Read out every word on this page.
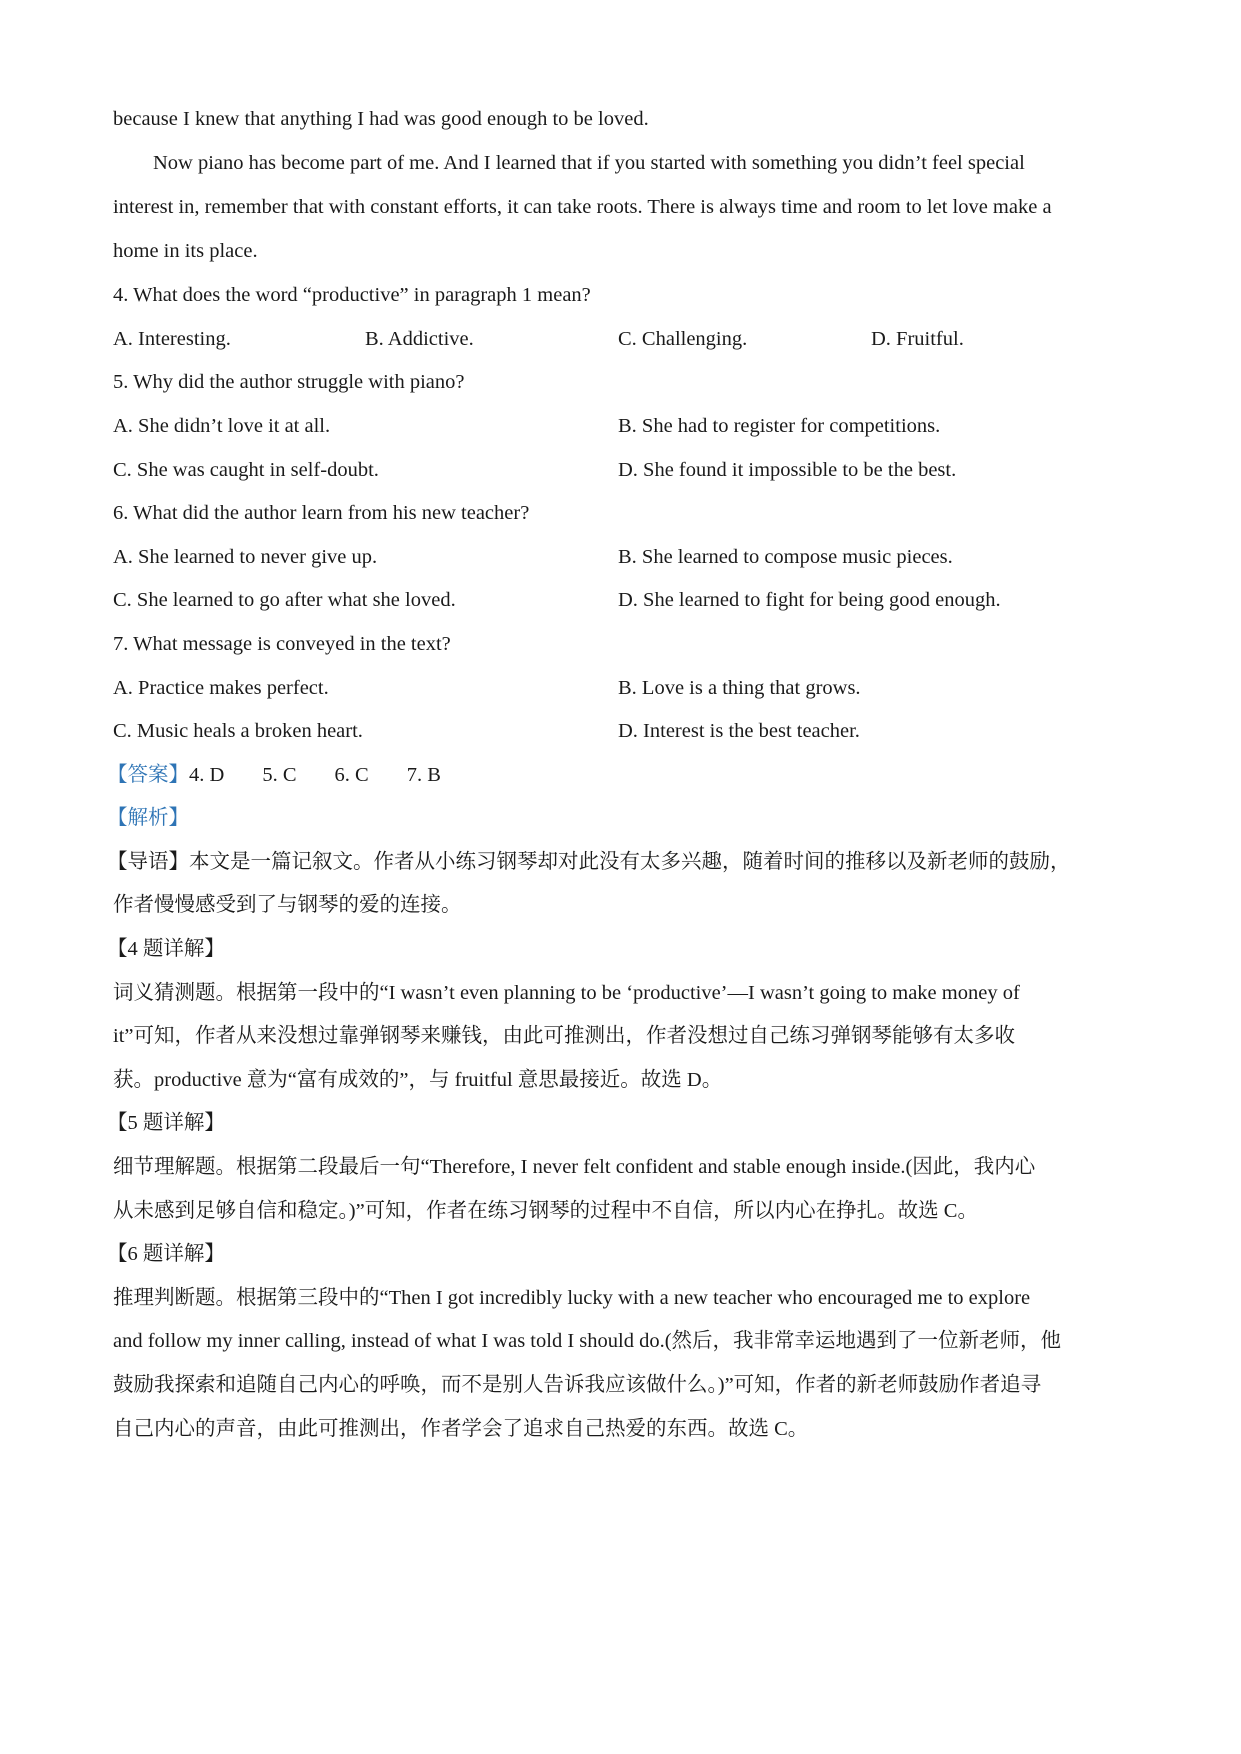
because I knew that anything I had was good enough to be loved.
Now piano has become part of me. And I learned that if you started with something you didn’t feel special
interest in, remember that with constant efforts, it can take roots. There is always time and room to let love make a
home in its place.
4. What does the word “productive” in paragraph 1 mean?
A. Interesting.	B. Addictive.	C. Challenging.	D. Fruitful.
5. Why did the author struggle with piano?
A. She didn’t love it at all.	B. She had to register for competitions.
C. She was caught in self-doubt.	D. She found it impossible to be the best.
6. What did the author learn from his new teacher?
A. She learned to never give up.	B. She learned to compose music pieces.
C. She learned to go after what she loved.	D. She learned to fight for being good enough.
7. What message is conveyed in the text?
A. Practice makes perfect.	B. Love is a thing that grows.
C. Music heals a broken heart.	D. Interest is the best teacher.
【答案】4. D 5. C 6. C 7. B
【解析】
【导语】本文是一篇记叙文。作者从小练习钢琴却对此没有太多兴趣，随着时间的推移以及新老师的鼓励，
作者慢慢感受到了与钢琴的爱的连接。
【4 题详解】
词义猜测题。根据第一段中的“I wasn’t even planning to be ‘productive’—I wasn’t going to make money of
it”可知，作者从来没想过靠弹钢琴来赚钱，由此可推测出，作者没想过自己练习弹钢琴能够有太多收
获。productive 意为“富有成效的”，与 fruitful 意思最接近。故选 D。
【5 题详解】
细节理解题。根据第二段最后一句“Therefore, I never felt confident and stable enough inside.(因此，我内心
从未感到足够自信和稳定。)”可知，作者在练习钢琴的过程中不自信，所以内心在挣扎。故选 C。
【6 题详解】
推理判断题。根据第三段中的“Then I got incredibly lucky with a new teacher who encouraged me to explore
and follow my inner calling, instead of what I was told I should do.(然后，我非常幸运地遇到了一位新老师，他
鼓励我探索和追随自己内心的呼唤，而不是别人告诉我应该做什么。)”可知，作者的新老师鼓励作者追寻
自己内心的声音，由此可推测出，作者学会了追求自己热爱的东西。故选 C。
